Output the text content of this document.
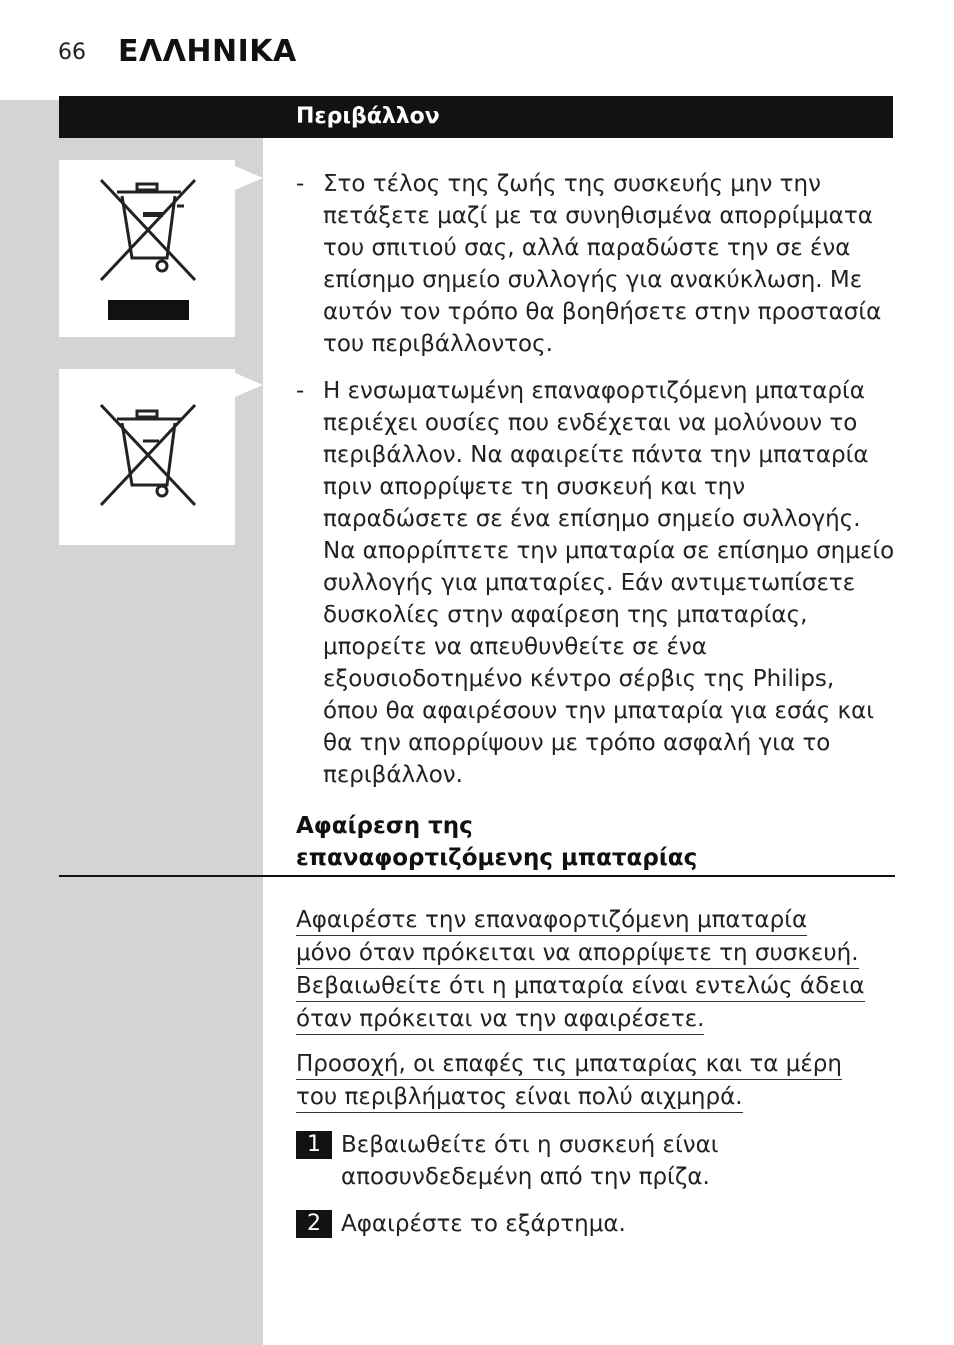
66 ΕΛΛΗΝΙΚΑ
Περιβάλλον
- Στο τέλος της ζωής της συσκευής μην την πετάξετε μαζί με τα συνηθισμένα απορρίμματα του σπιτιού σας, αλλά παραδώστε την σε ένα επίσημο σημείο συλλογής για ανακύκλωση. Με αυτόν τον τρόπο θα βοηθήσετε στην προστασία του περιβάλλοντος.
- Η ενσωματωμένη επαναφορτιζόμενη μπαταρία περιέχει ουσίες που ενδέχεται να μολύνουν το περιβάλλον. Να αφαιρείτε πάντα την μπαταρία πριν απορρίψετε τη συσκευή και την παραδώσετε σε ένα επίσημο σημείο συλλογής. Να απορρίπτετε την μπαταρία σε επίσημο σημείο συλλογής για μπαταρίες. Εάν αντιμετωπίσετε δυσκολίες στην αφαίρεση της μπαταρίας, μπορείτε να απευθυνθείτε σε ένα εξουσιοδοτημένο κέντρο σέρβις της Philips, όπου θα αφαιρέσουν την μπαταρία για εσάς και θα την απορρίψουν με τρόπο ασφαλή για το περιβάλλον.
Αφαίρεση της
επαναφορτιζόμενης μπαταρίας
Αφαιρέστε την επαναφορτιζόμενη μπαταρία
μόνο όταν πρόκειται να απορρίψετε τη συσκευή.
Βεβαιωθείτε ότι η μπαταρία είναι εντελώς άδεια
όταν πρόκειται να την αφαιρέσετε.
Προσοχή, οι επαφές τις μπαταρίας και τα μέρη
του περιβλήματος είναι πολύ αιχμηρά.
1 Βεβαιωθείτε ότι η συσκευή είναι αποσυνδεδεμένη από την πρίζα.
2 Αφαιρέστε το εξάρτημα.
